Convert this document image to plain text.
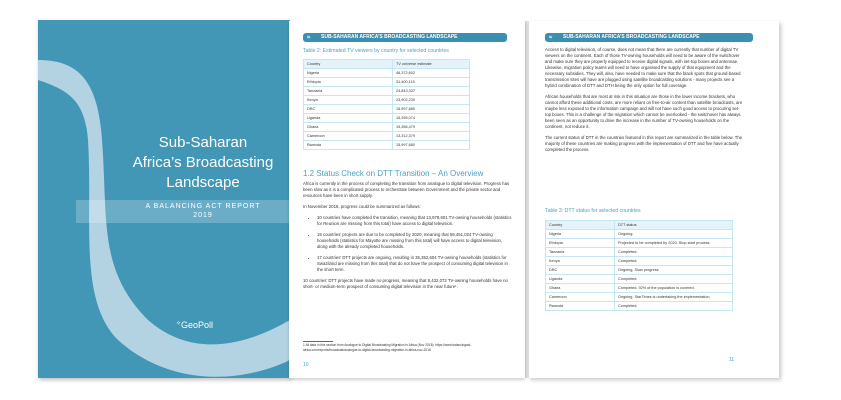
Sub-Saharan
Africa’s Broadcasting
Landscape
A BALANCING ACT REPORT
2019
✧GeoPoll
≈ SUB-SAHARAN AFRICA’S BROADCASTING LANDSCAPE
Table 2: Estimated TV viewers by country for selected countries
Country	TV universe estimate
Nigeria	46,372,602
Ethiopia	31,400,115
Tanzania	24,843,337
Kenya	23,902,230
DRC	15,997,680
Uganda	15,395,074
Ghana	15,356,479
Cameroon	13,312,379
Rwanda	15,997,680
1.2 Status Check on DTT Transition – An Overview

Africa is currently in the process of completing the transition from analogue to digital television. Progress has been slow as it is a complicated process to orchestrate between Government and the private sector and resources have been in short supply.

In November 2018, progress could be summarized as follows:

• 10 countries have completed the transition, meaning that 13,978,601 TV-owning households (statistics for Reunion are missing from this total) have access to digital television.
• 19 countries’ projects are due to be completed by 2020, meaning that 69,451,024 TV-owning households (statistics for Mayotte are missing from this total) will have access to digital television, along with the already completed households.
• 17 countries’ DTT projects are ongoing, resulting in 35,352,604 TV-owning households (statistics for Swaziland are missing from this total) that do not have the prospect of consuming digital television in the short term.

10 countries’ DTT projects have made no progress, meaning that 8,432,072 TV-owning households have no short- or medium-term prospect of consuming digital television in the near future¹.

1 All data in this section from Analogue to Digital Broadcasting Migration in Africa (Nov 2018): https://www.balancingact-africa.com/reports/broadcast/analogue-to-digital-broadcasting-migration-in-africa-nov-2018
10
≈ SUB-SAHARAN AFRICA’S BROADCASTING LANDSCAPE

Access to digital television, of course, does not mean that there are currently that number of digital TV viewers on the continent. Each of those TV-owning households will need to be aware of the switchover and make sure they are properly equipped to receive digital signals, with set-top boxes and antennae. Likewise, migration policy teams will need to have organised the supply of that equipment and the necessary subsidies. They will, also, have needed to make sure that the black spots that ground-based transmission sites will have are plugged using satellite broadcasting solutions - many projects see a hybrid combination of DTT and DTH being the only option for full coverage.

African households that are most at risk in this situation are those in the lower income brackets, who cannot afford these additional costs, are more reliant on free-to-air content than satellite broadcasts, are maybe less exposed to the information campaign and will not have such good access to procuring set-top boxes. This is a challenge of the migration which cannot be overlooked - the switchover has always been seen as an opportunity to drive the increase in the number of TV-owning households on the continent, not reduce it.

The current status of DTT in the countries featured in this report are summarized in the table below. The majority of these countries are making progress with the implementation of DTT and five have actually completed the process.

Table 3: DTT status for selected countries
Country	DTT status
Nigeria	Ongoing.
Ethiopia	Projected to be completed by 2020. Stop start process.
Tanzania	Completed.
Kenya	Completed.
DRC	Ongoing. Slow progress.
Uganda	Completed.
Ghana	Completed. 92% of the population is covered.
Cameroon	Ongoing. StarTimes is undertaking the implementation.
Rwanda	Completed.
11
